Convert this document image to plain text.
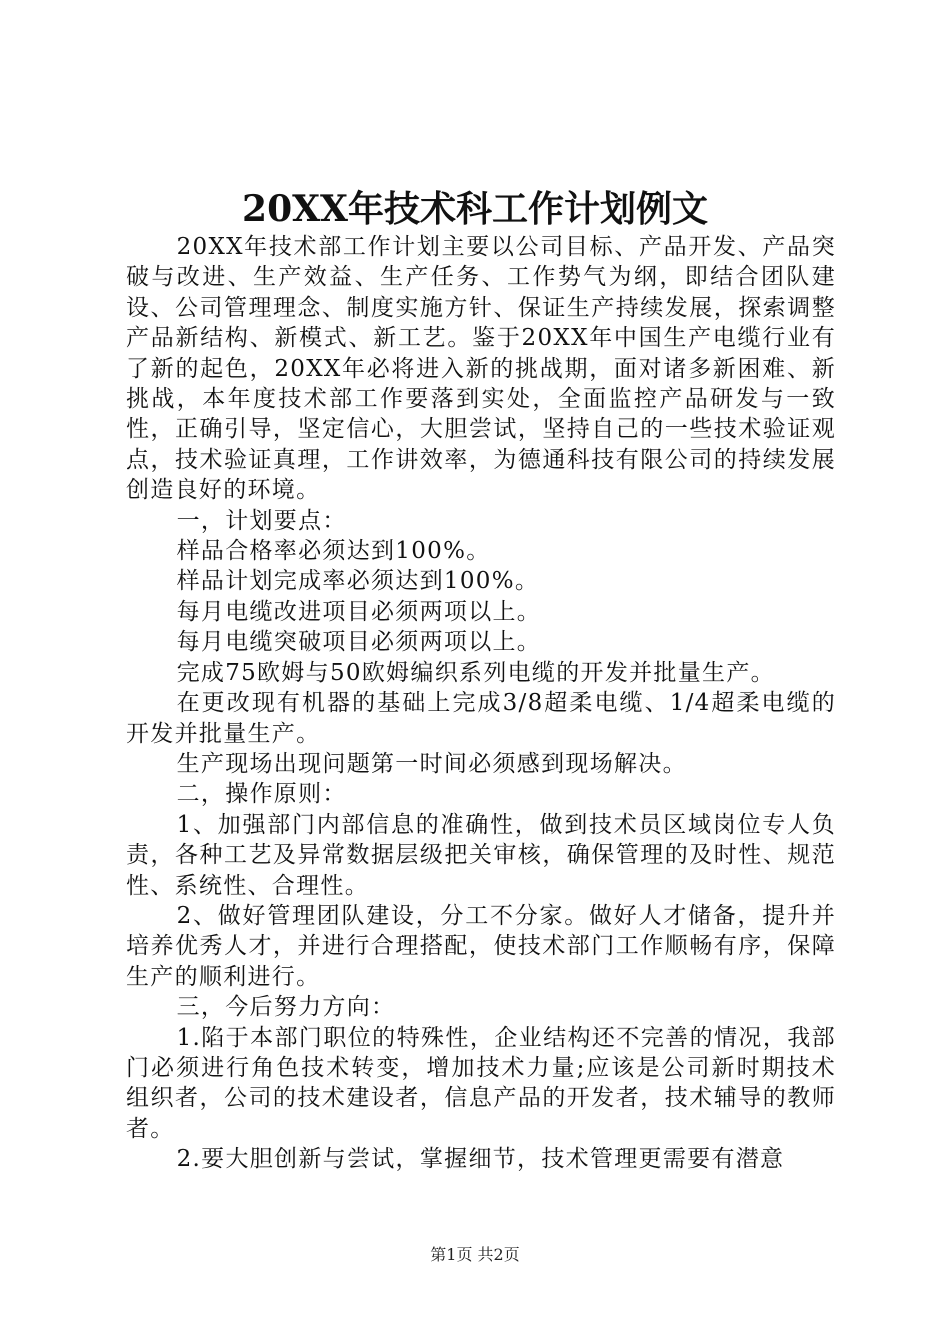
20XX年技术科工作计划例文

20XX年技术部工作计划主要以公司目标、产品开发、产品突破与改进、生产效益、生产任务、工作势气为纲，即结合团队建设、公司管理理念、制度实施方针、保证生产持续发展，探索调整产品新结构、新模式、新工艺。鉴于20XX年中国生产电缆行业有了新的起色，20XX年必将进入新的挑战期，面对诸多新困难、新挑战，本年度技术部工作要落到实处，全面监控产品研发与一致性，正确引导，坚定信心，大胆尝试，坚持自己的一些技术验证观点，技术验证真理，工作讲效率，为德通科技有限公司的持续发展创造良好的环境。

一，计划要点：

样品合格率必须达到100%。

样品计划完成率必须达到100%。

每月电缆改进项目必须两项以上。

每月电缆突破项目必须两项以上。

完成75欧姆与50欧姆编织系列电缆的开发并批量生产。

在更改现有机器的基础上完成3/8超柔电缆、1/4超柔电缆的开发并批量生产。

生产现场出现问题第一时间必须感到现场解决。

二，操作原则：

1、加强部门内部信息的准确性，做到技术员区域岗位专人负责，各种工艺及异常数据层级把关审核，确保管理的及时性、规范性、系统性、合理性。

2、做好管理团队建设，分工不分家。做好人才储备，提升并培养优秀人才，并进行合理搭配，使技术部门工作顺畅有序，保障生产的顺利进行。

三，今后努力方向：

1.陷于本部门职位的特殊性，企业结构还不完善的情况，我部门必须进行角色技术转变，增加技术力量;应该是公司新时期技术组织者，公司的技术建设者，信息产品的开发者，技术辅导的教师者。

2.要大胆创新与尝试，掌握细节，技术管理更需要有潜意

第1页 共2页
